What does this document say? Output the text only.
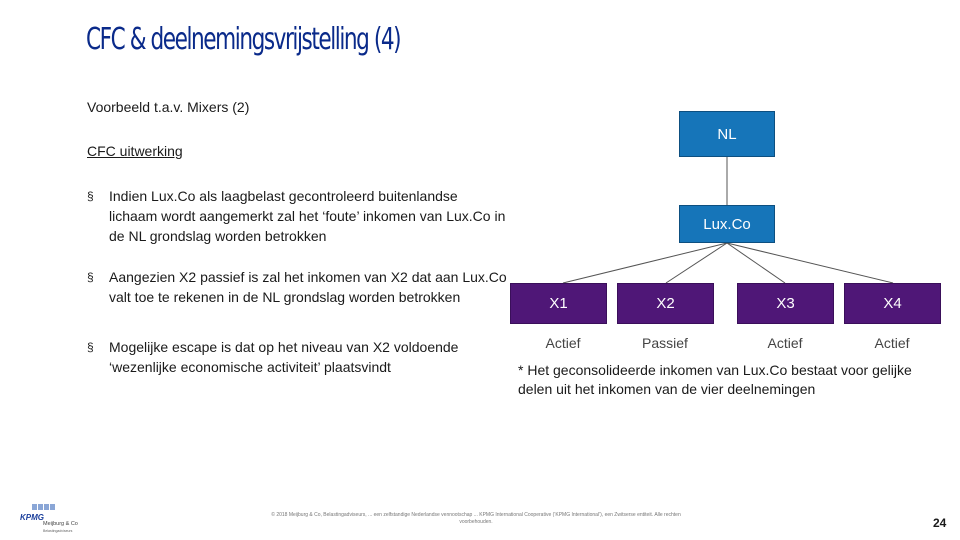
CFC & deelnemingsvrijstelling (4)
Voorbeeld t.a.v. Mixers (2)
CFC uitwerking
§ Indien Lux.Co als laagbelast gecontroleerd buitenlandse lichaam wordt aangemerkt zal het ‘foute’ inkomen van Lux.Co in de NL grondslag worden betrokken
§ Aangezien X2 passief is zal het inkomen van X2 dat aan Lux.Co valt toe te rekenen in de NL grondslag worden betrokken
§ Mogelijke escape is dat op het niveau van X2 voldoende ‘wezenlijke economische activiteit’ plaatsvindt
NL
Lux.Co
X1	X2	X3	X4
Actief	Passief	Actief	Actief
* Het geconsolideerde inkomen van Lux.Co bestaat voor gelijke delen uit het inkomen van de vier deelnemingen
KPMG
Meijburg & Co
Belastingadviseurs
© 2018 Meijburg & Co, Belastingadviseurs, ... een zelfstandige Nederlandse vennootschap ... KPMG International Cooperative (‘KPMG International’), een Zwitserse entiteit. Alle rechten voorbehouden.	24
